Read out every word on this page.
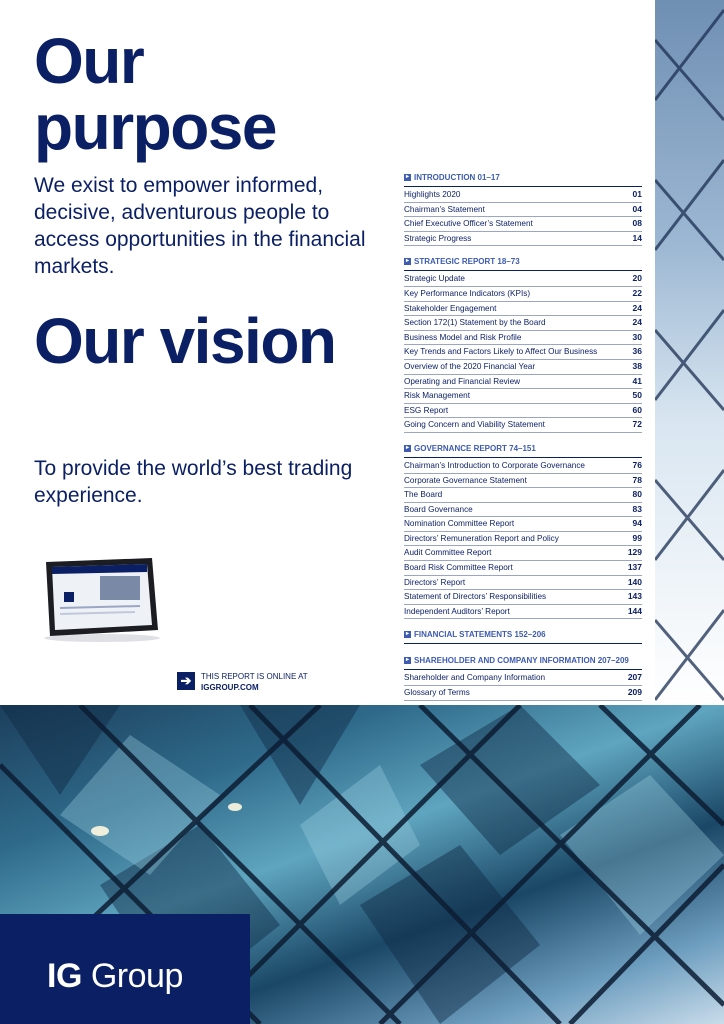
Our purpose

We exist to empower informed, decisive, adventurous people to access opportunities in the financial markets.

Our vision

To provide the world’s best trading experience.

➔	THIS REPORT IS ONLINE AT
IGGROUP.COM
▸ INTRODUCTION 01–17
Highlights 2020	01
Chairman’s Statement	04
Chief Executive Officer’s Statement	08
Strategic Progress	14
▸ STRATEGIC REPORT 18–73
Strategic Update	20
Key Performance Indicators (KPIs)	22
Stakeholder Engagement	24
Section 172(1) Statement by the Board	24
Business Model and Risk Profile	30
Key Trends and Factors Likely to Affect Our Business	36
Overview of the 2020 Financial Year	38
Operating and Financial Review	41
Risk Management	50
ESG Report	60
Going Concern and Viability Statement	72
▸ GOVERNANCE REPORT 74–151
Chairman’s Introduction to Corporate Governance	76
Corporate Governance Statement	78
The Board	80
Board Governance	83
Nomination Committee Report	94
Directors’ Remuneration Report and Policy	99
Audit Committee Report	129
Board Risk Committee Report	137
Directors’ Report	140
Statement of Directors’ Responsibilities	143
Independent Auditors’ Report	144
▸ FINANCIAL STATEMENTS 152–206
▸ SHAREHOLDER AND COMPANY INFORMATION 207–209
Shareholder and Company Information	207
Glossary of Terms	209
IG Group
